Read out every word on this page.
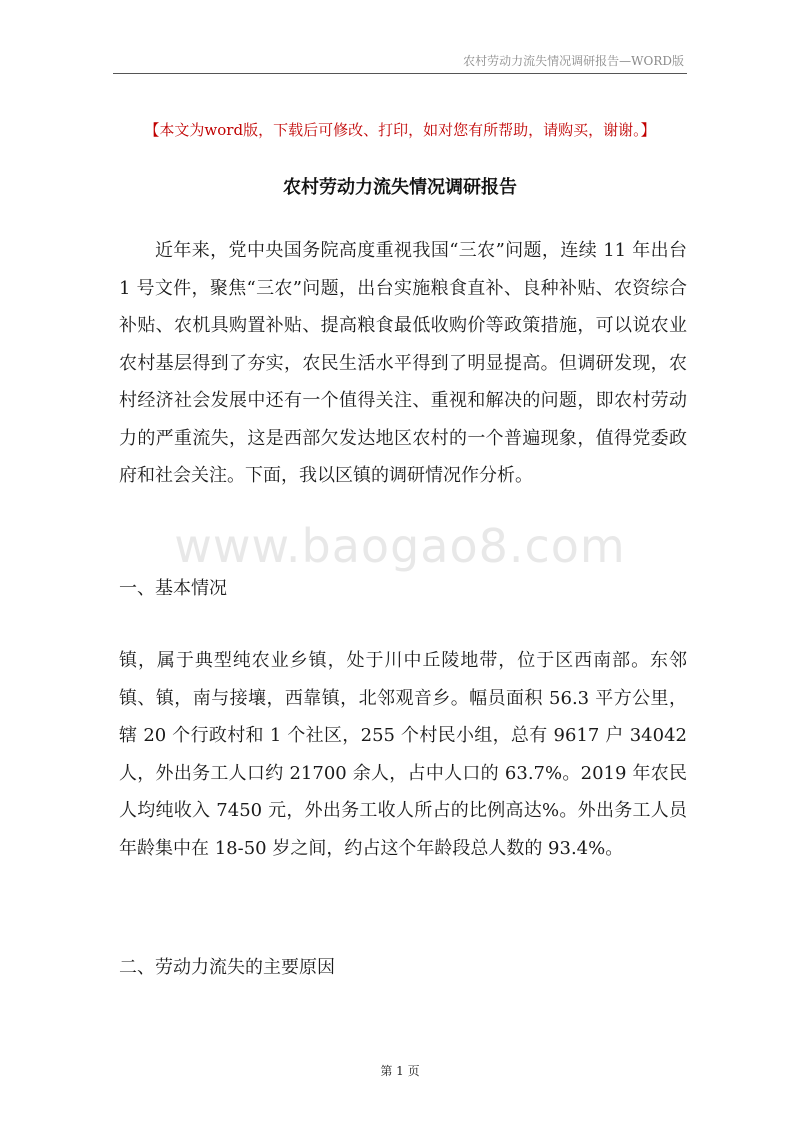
农村劳动力流失情况调研报告—WORD版
【本文为word版，下载后可修改、打印，如对您有所帮助，请购买，谢谢。】
农村劳动力流失情况调研报告

近年来，党中央国务院高度重视我国“三农”问题，连续 11 年出台 1 号文件，聚焦“三农”问题，出台实施粮食直补、良种补贴、农资综合补贴、农机具购置补贴、提高粮食最低收购价等政策措施，可以说农业农村基层得到了夯实，农民生活水平得到了明显提高。但调研发现，农村经济社会发展中还有一个值得关注、重视和解决的问题，即农村劳动力的严重流失，这是西部欠发达地区农村的一个普遍现象，值得党委政府和社会关注。下面，我以区镇的调研情况作分析。

www.baogao8.com
一、基本情况

镇，属于典型纯农业乡镇，处于川中丘陵地带，位于区西南部。东邻镇、镇，南与接壤，西靠镇，北邻观音乡。幅员面积 56.3 平方公里，辖 20 个行政村和 1 个社区，255 个村民小组，总有 9617 户 34042 人，外出务工人口约 21700 余人，占中人口的 63.7%。2019 年农民人均纯收入 7450 元，外出务工收人所占的比例高达%。外出务工人员年龄集中在 18-50 岁之间，约占这个年龄段总人数的 93.4%。

二、劳动力流失的主要原因
第 1 页
